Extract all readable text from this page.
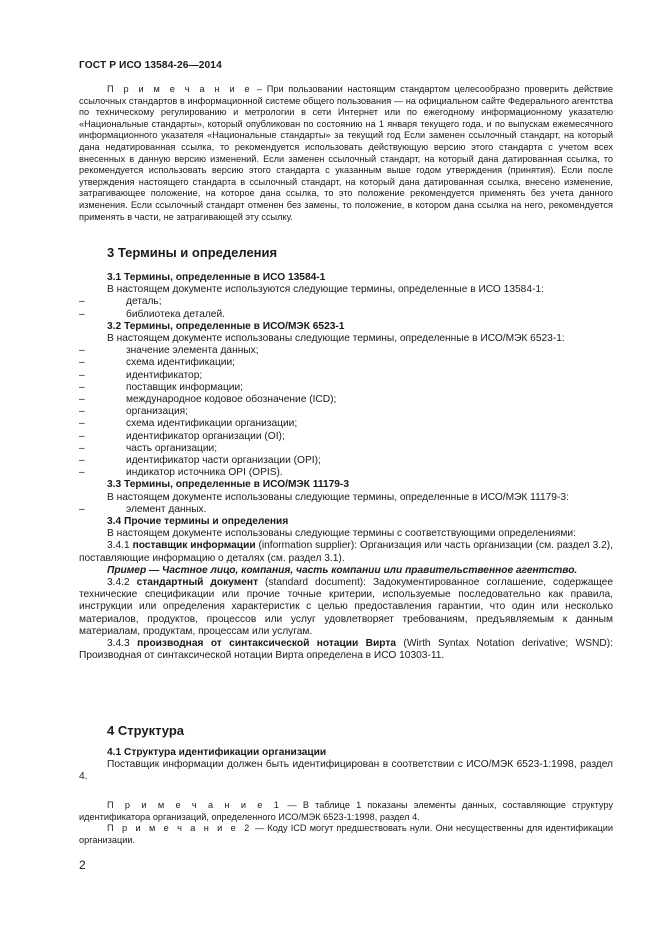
ГОСТ Р ИСО 13584-26—2014

П р и м е ч а н и е – При пользовании настоящим стандартом целесообразно проверить действие ссылочных стандартов в информационной системе общего пользования — на официальном сайте Федерального агентства по техническому регулированию и метрологии в сети Интернет или по ежегодному информационному указателю «Национальные стандарты», который опубликован по состоянию на 1 января текущего года, и по выпускам ежемесячного информационного указателя «Национальные стандарты» за текущий год Если заменен ссылочный стандарт, на который дана недатированная ссылка, то рекомендуется использовать действующую версию этого стандарта с учетом всех внесенных в данную версию изменений. Если заменен ссылочный стандарт, на который дана датированная ссылка, то рекомендуется использовать версию этого стандарта с указанным выше годом утверждения (принятия). Если после утверждения настоящего стандарта в ссылочный стандарт, на который дана датированная ссылка, внесено изменение, затрагивающее положение, на которое дана ссылка, то это положение рекомендуется применять без учета данного изменения. Если ссылочный стандарт отменен без замены, то положение, в котором дана ссылка на него, рекомендуется применять в части, не затрагивающей эту ссылку.

3 Термины и определения
3.1 Термины, определенные в ИСО 13584-1
В настоящем документе используются следующие термины, определенные в ИСО 13584-1:
–	деталь;
–	библиотека деталей.
3.2 Термины, определенные в ИСО/МЭК 6523-1
В настоящем документе использованы следующие термины, определенные в ИСО/МЭК 6523-1:
–	значение элемента данных;
–	схема идентификации;
–	идентификатор;
–	поставщик информации;
–	международное кодовое обозначение (ICD);
–	организация;
–	схема идентификации организации;
–	идентификатор организации (OI);
–	часть организации;
–	идентификатор части организации (OPI);
–	индикатор источника OPI (OPIS).
3.3 Термины, определенные в ИСО/МЭК 11179-3
В настоящем документе использованы следующие термины, определенные в ИСО/МЭК 11179-3:
–	элемент данных.
3.4 Прочие термины и определения
В настоящем документе использованы следующие термины с соответствующими определениями:
3.4.1 поставщик информации (information supplier): Организация или часть организации (см. раздел 3.2), поставляющие информацию о деталях (см. раздел 3.1).
Пример — Частное лицо, компания, часть компании или правительственное агентство.
3.4.2 стандартный документ (standard document): Задокументированное соглашение, содержащее технические спецификации или прочие точные критерии, используемые последовательно как правила, инструкции или определения характеристик с целью предоставления гарантии, что один или несколько материалов, продуктов, процессов или услуг удовлетворяет требованиям, предъявляемым к данным материалам, продуктам, процессам или услугам.
3.4.3 производная от синтаксической нотации Вирта (Wirth Syntax Notation derivative; WSND): Производная от синтаксической нотации Вирта определена в ИСО 10303-11.
4 Структура
4.1 Структура идентификации организации
Поставщик информации должен быть идентифицирован в соответствии с ИСО/МЭК 6523-1:1998, раздел 4.
П р и м е ч а н и е 1 — В таблице 1 показаны элементы данных, составляющие структуру идентификатора организаций, определенного ИСО/МЭК 6523-1:1998, раздел 4.
П р и м е ч а н и е 2 — Коду ICD могут предшествовать нули. Они несущественны для идентификации организации.
2
